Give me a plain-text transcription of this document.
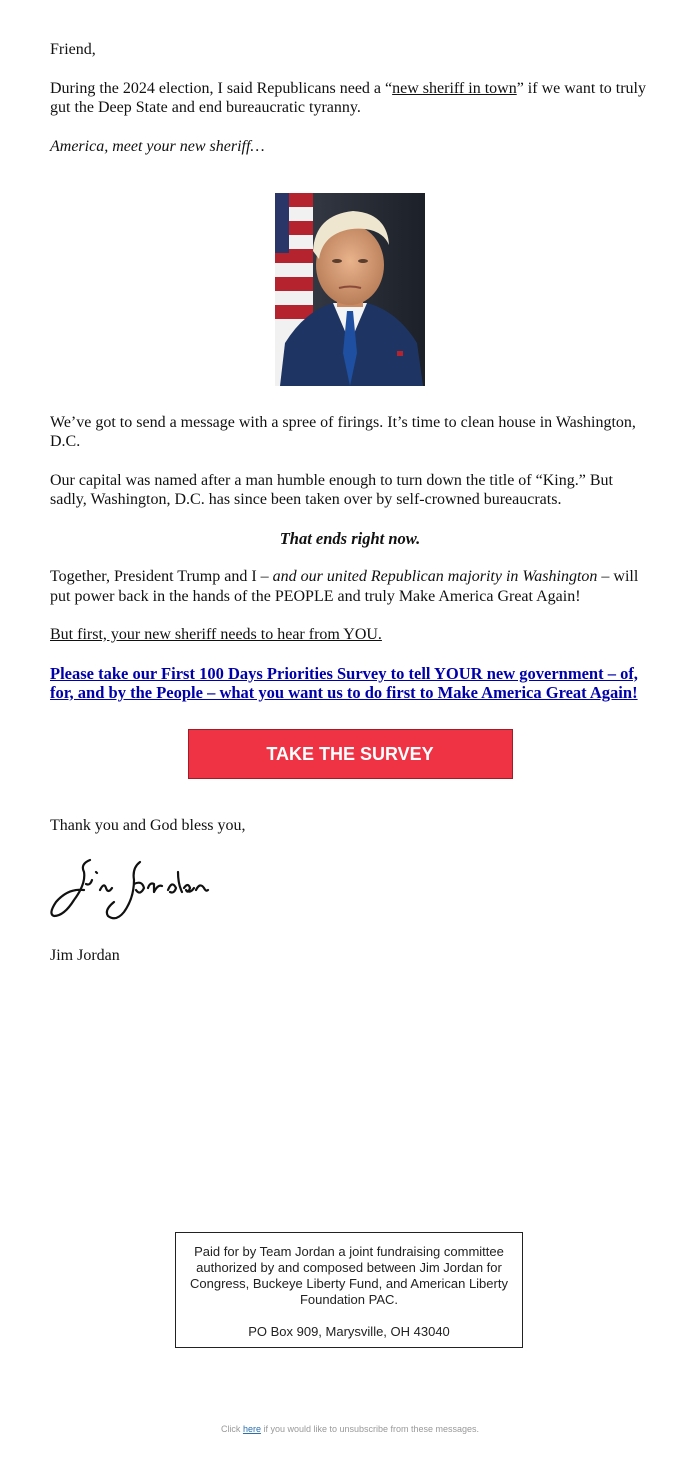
Friend,

During the 2024 election, I said Republicans need a “new sheriff in town” if we want to truly gut the Deep State and end bureaucratic tyranny.

America, meet your new sheriff…

We’ve got to send a message with a spree of firings. It’s time to clean house in Washington, D.C.

Our capital was named after a man humble enough to turn down the title of “King.” But sadly, Washington, D.C. has since been taken over by self-crowned bureaucrats.

That ends right now.

Together, President Trump and I – and our united Republican majority in Washington – will put power back in the hands of the PEOPLE and truly Make America Great Again!

But first, your new sheriff needs to hear from YOU.

Please take our First 100 Days Priorities Survey to tell YOUR new government – of, for, and by the People – what you want us to do first to Make America Great Again!
TAKE THE SURVEY

Thank you and God bless you,

Jim Jordan

Paid for by Team Jordan a joint fundraising committee authorized by and composed between Jim Jordan for Congress, Buckeye Liberty Fund, and American Liberty Foundation PAC.
PO Box 909, Marysville, OH 43040
Click here if you would like to unsubscribe from these messages.
